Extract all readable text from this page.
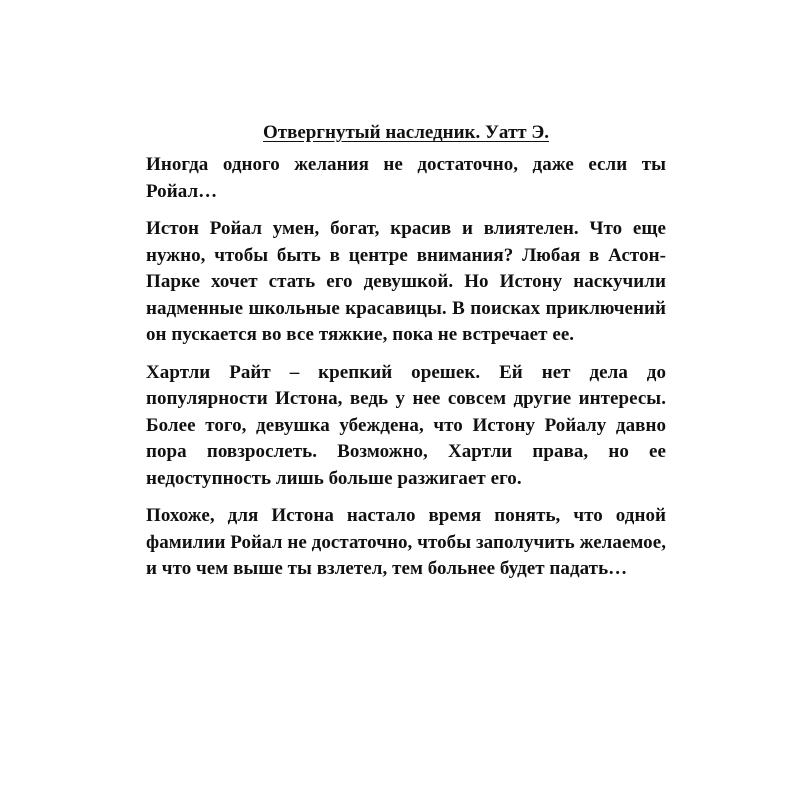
Отвергнутый наследник. Уатт Э.

Иногда одного желания не достаточно, даже если ты Ройал…

Истон Ройал умен, богат, красив и влиятелен. Что еще нужно, чтобы быть в центре внимания? Любая в Астон-Парке хочет стать его девушкой. Но Истону наскучили надменные школьные красавицы. В поисках приключений он пускается во все тяжкие, пока не встречает ее.

Хартли Райт – крепкий орешек. Ей нет дела до популярности Истона, ведь у нее совсем другие интересы. Более того, девушка убеждена, что Истону Ройалу давно пора повзрослеть. Возможно, Хартли права, но ее недоступность лишь больше разжигает его.

Похоже, для Истона настало время понять, что одной фамилии Ройал не достаточно, чтобы заполучить желаемое, и что чем выше ты взлетел, тем больнее будет падать…
